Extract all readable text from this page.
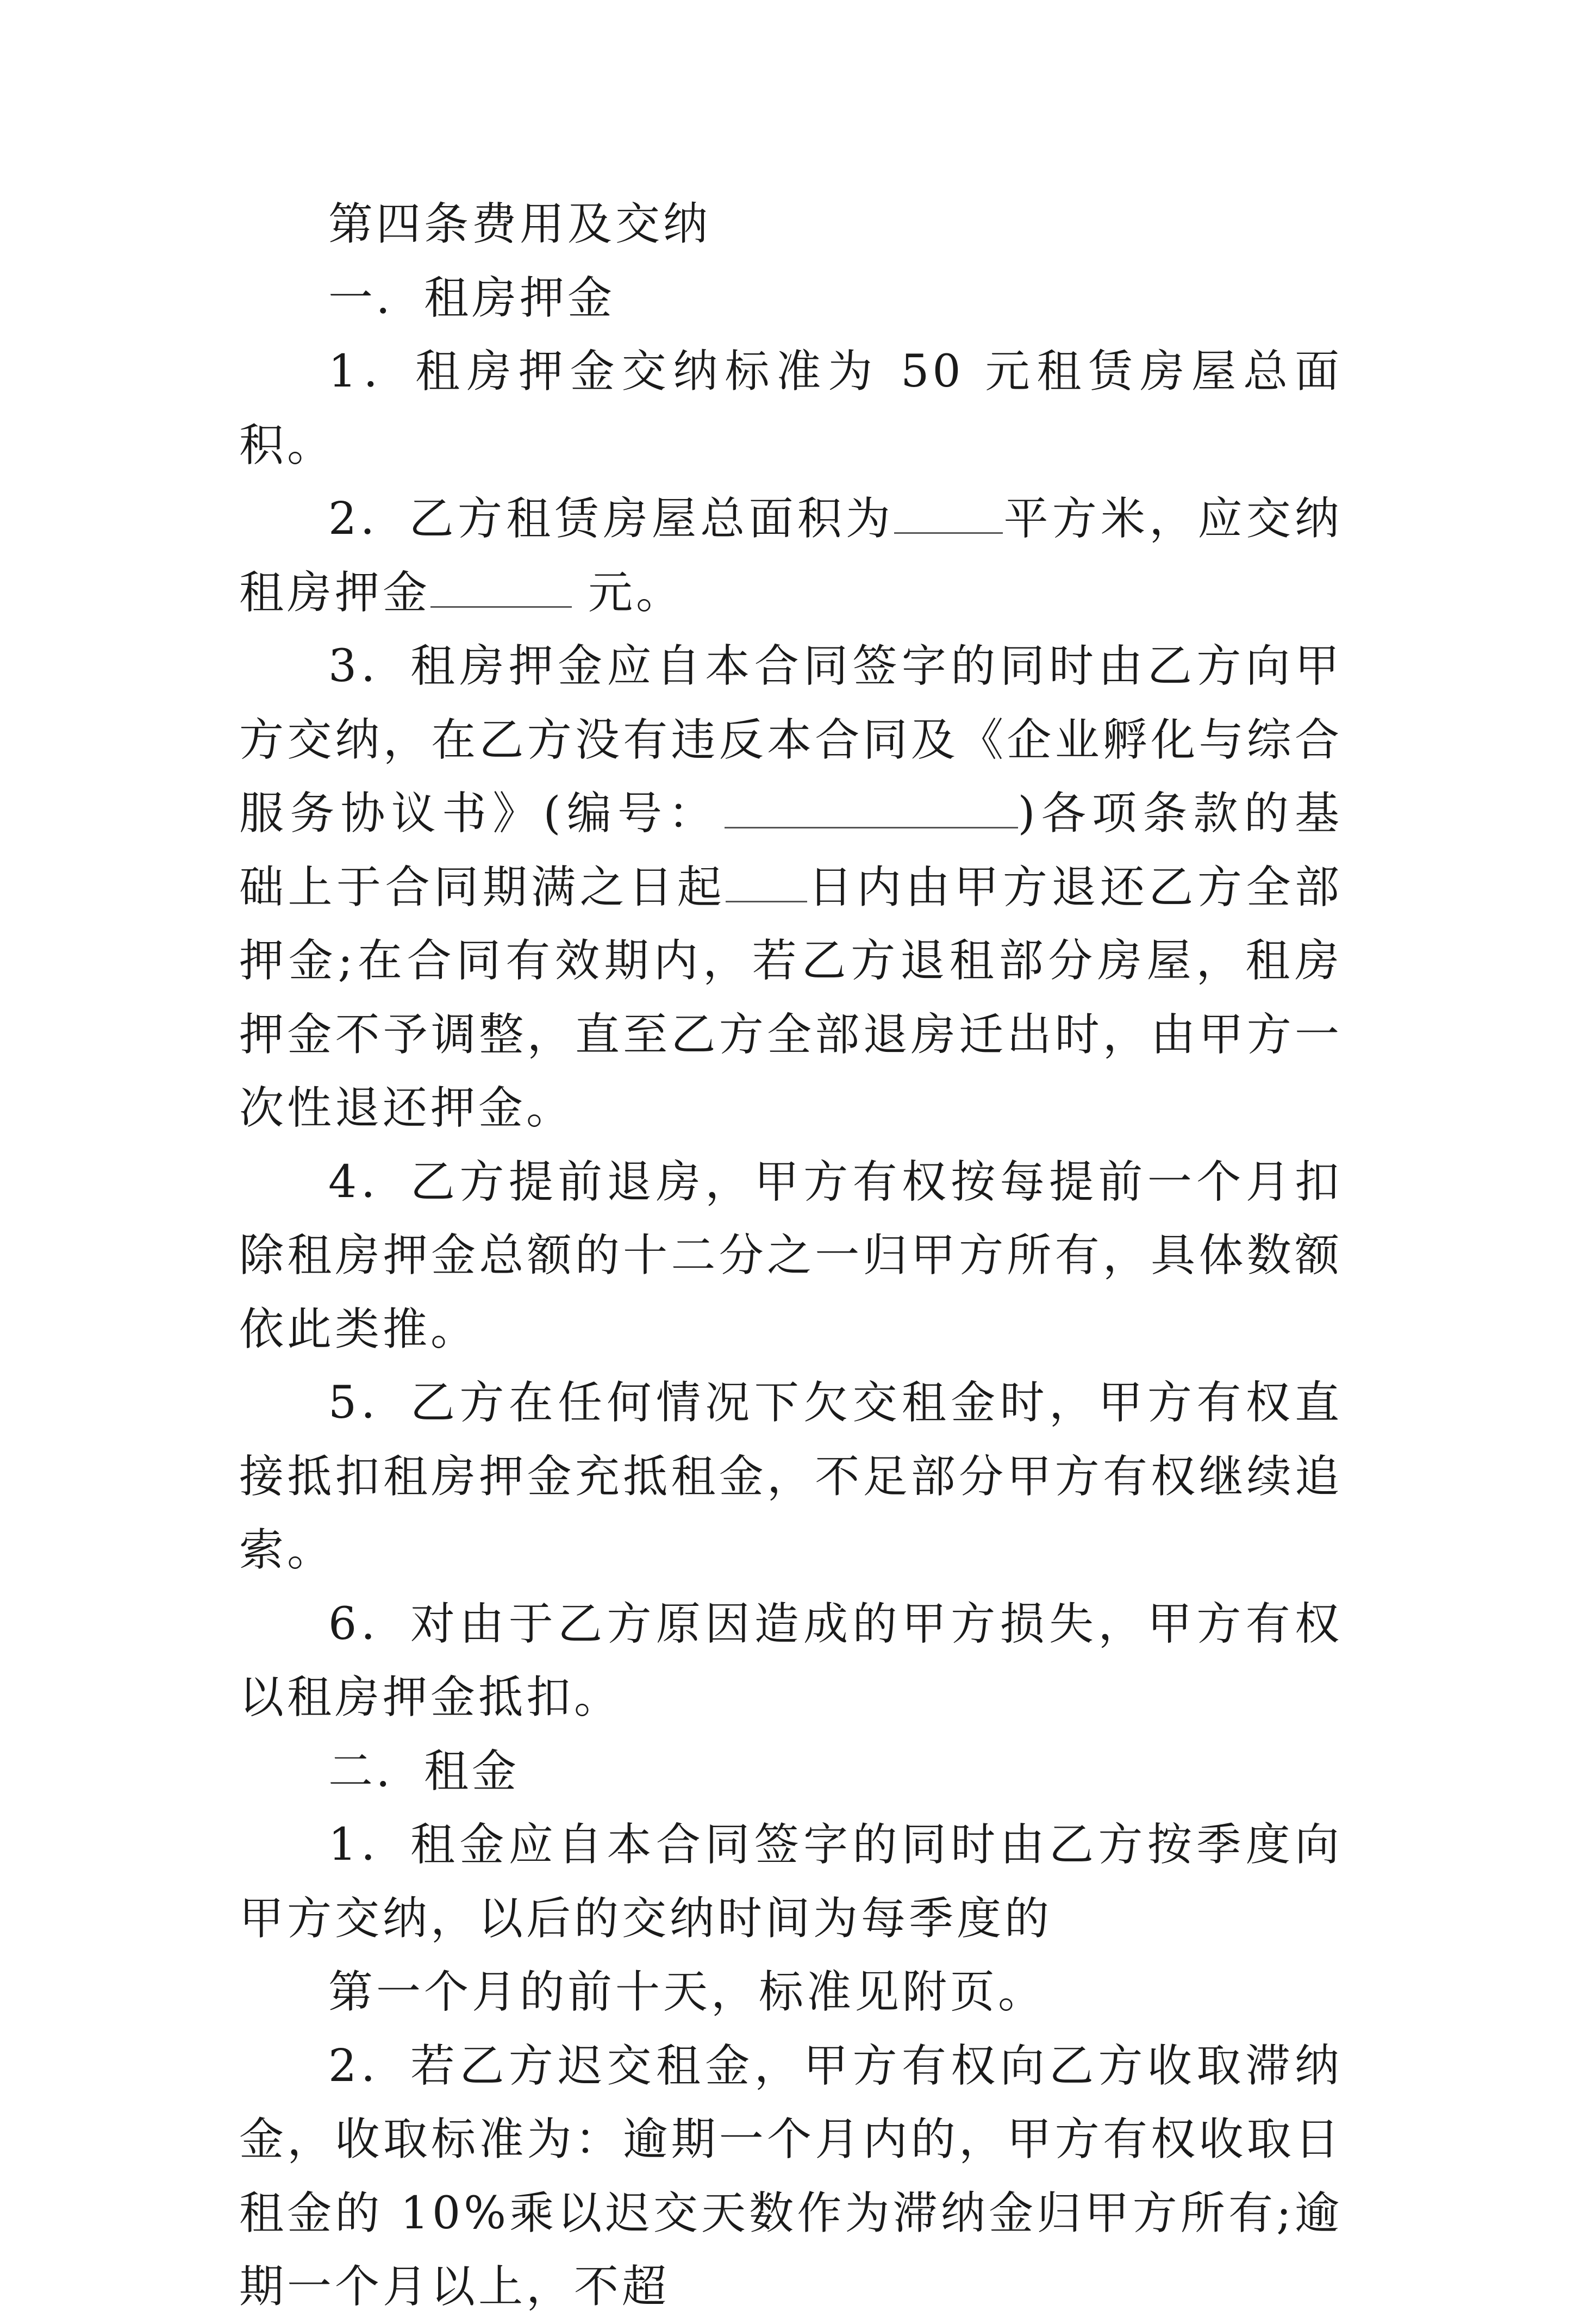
第四条费用及交纳

一．租房押金

1．租房押金交纳标准为 50 元租赁房屋总面积。

2．乙方租赁房屋总面积为 平方米，应交纳租房押金	元。

3．租房押金应自本合同签字的同时由乙方向甲方交纳，在乙方没有违反本合同及《企业孵化与综合服务协议书》(编号：	)各项条款的基础上于合同期满之日起 日内由甲方退还乙方全部押金;在合同有效期内，若乙方退租部分房屋，租房押金不予调整，直至乙方全部退房迁出时，由甲方一次性退还押金。

4．乙方提前退房，甲方有权按每提前一个月扣除租房押金总额的十二分之一归甲方所有，具体数额依此类推。

5．乙方在任何情况下欠交租金时，甲方有权直接抵扣租房押金充抵租金，不足部分甲方有权继续追索。

6．对由于乙方原因造成的甲方损失，甲方有权以租房押金抵扣。

二．租金

1．租金应自本合同签字的同时由乙方按季度向甲方交纳，以后的交纳时间为每季度的

第一个月的前十天，标准见附页。

2．若乙方迟交租金，甲方有权向乙方收取滞纳金，收取标准为：逾期一个月内的，甲方有权收取日租金的 10%乘以迟交天数作为滞纳金归甲方所有;逾期一个月以上，不超
